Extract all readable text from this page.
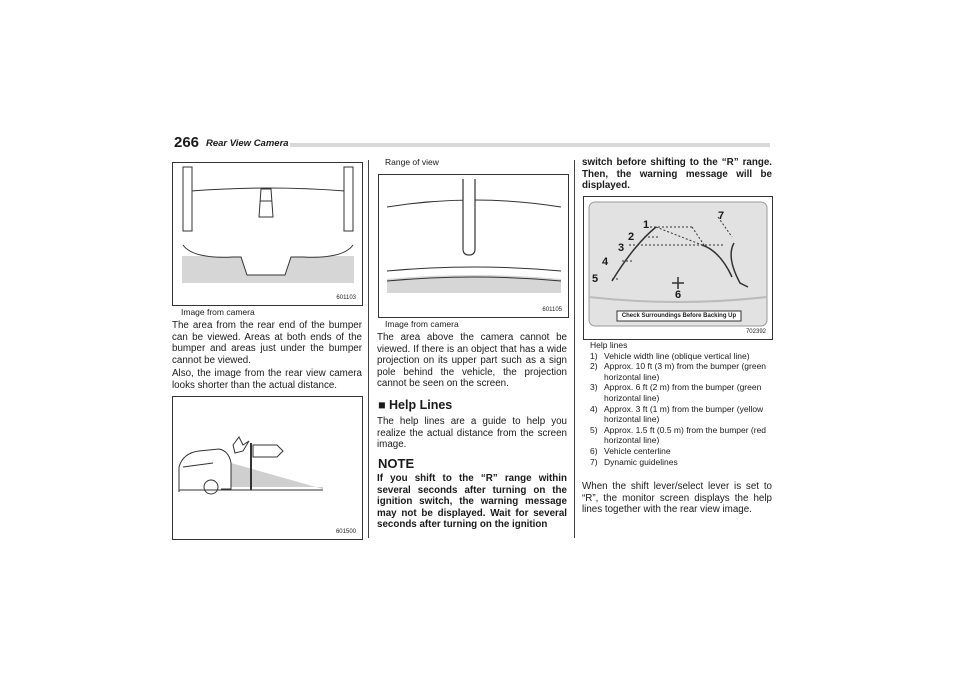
266 Rear View Camera
601103
Image from camera

The area from the rear end of the bumper can be viewed. Areas at both ends of the bumper and areas just under the bumper cannot be viewed.

Also, the image from the rear view camera looks shorter than the actual distance.

601500
Range of view
601105
Image from camera
The area above the camera cannot be viewed. If there is an object that has a wide projection on its upper part such as a sign pole behind the vehicle, the projection cannot be seen on the screen.
■ Help Lines
The help lines are a guide to help you realize the actual distance from the screen image.
NOTE
If you shift to the “R” range within several seconds after turning on the ignition switch, the warning message may not be displayed. Wait for several seconds after turning on the ignition
switch before shifting to the “R” range. Then, the warning message will be displayed.
1
2
3
4
5
6
7
Check Surroundings Before Backing Up
702392
Help lines
1) Vehicle width line (oblique vertical line)
2) Approx. 10 ft (3 m) from the bumper (green horizontal line)
3) Approx. 6 ft (2 m) from the bumper (green horizontal line)
4) Approx. 3 ft (1 m) from the bumper (yellow horizontal line)
5) Approx. 1.5 ft (0.5 m) from the bumper (red horizontal line)
6) Vehicle centerline
7) Dynamic guidelines
When the shift lever/select lever is set to “R”, the monitor screen displays the help lines together with the rear view image.
